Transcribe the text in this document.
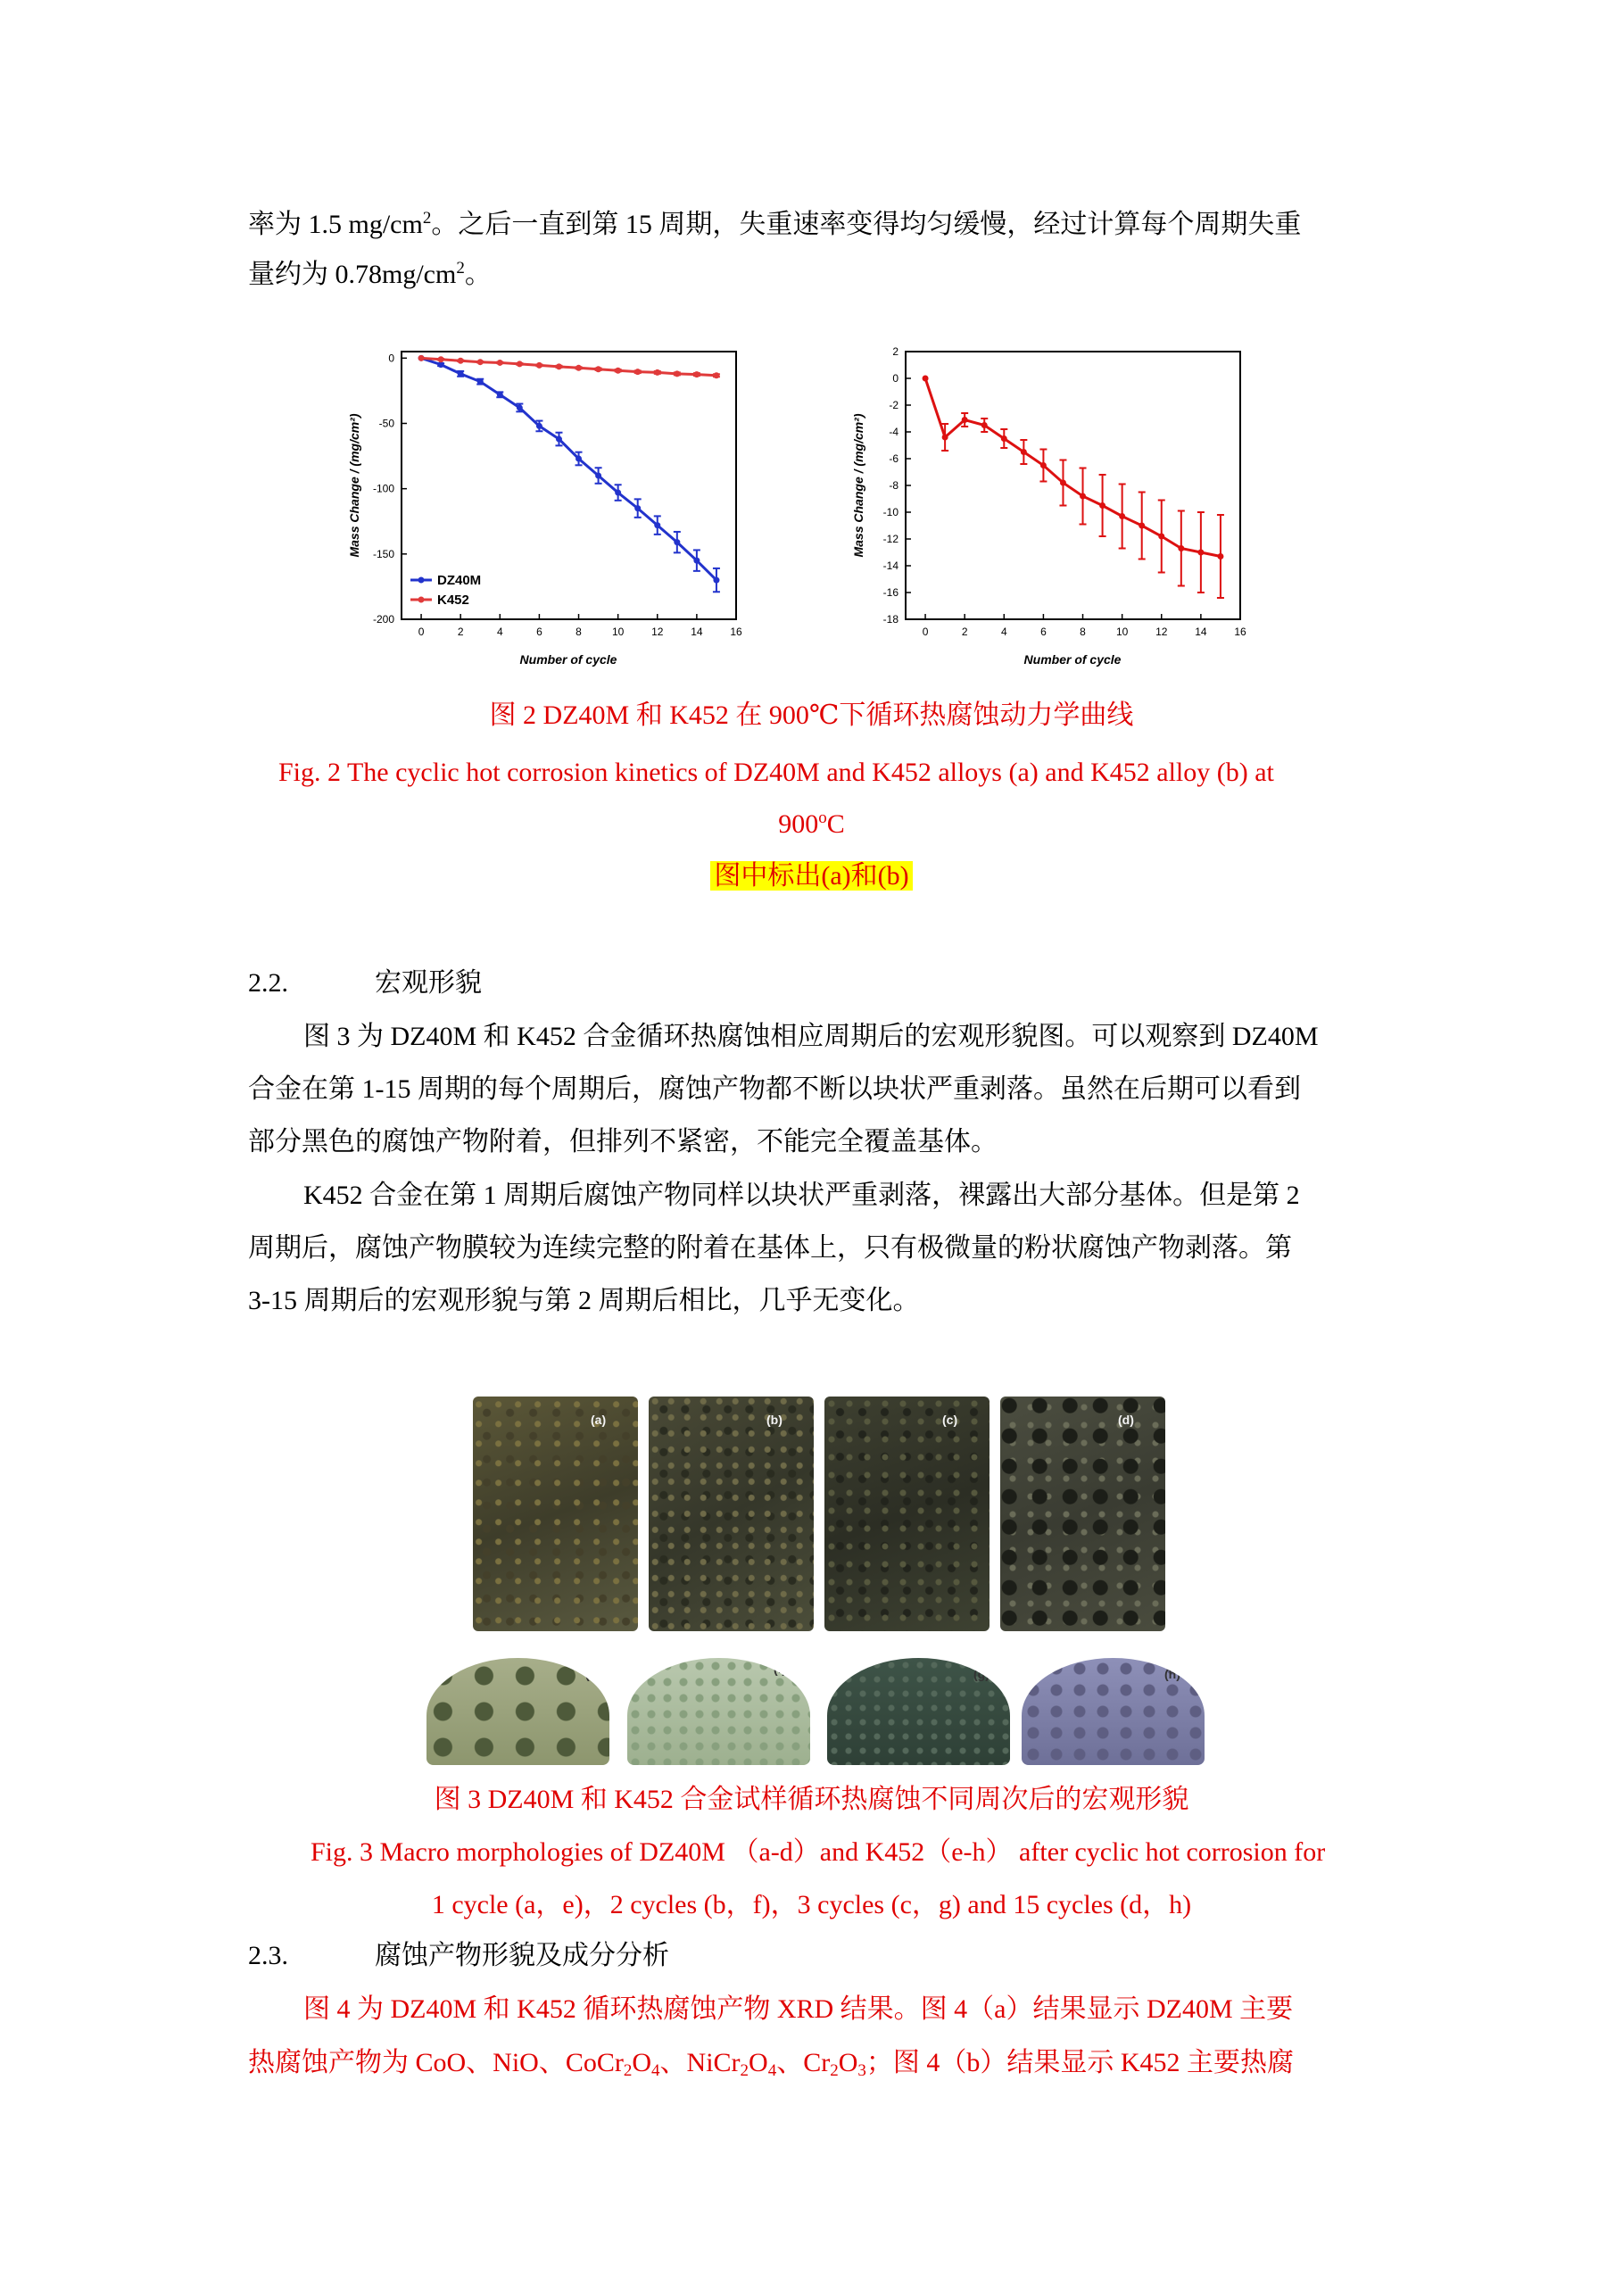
率为 1.5 $mg/cm^2$。之后一直到第 15 周期，失重速率变得均匀缓慢，经过计算每个周期失重
量约为 $0.78mg/cm^2$。
0
-50
-100
-150
-200
0	2	4	6	8	10	12	14	16
Number of cycle
Mass Change / (mg/cm²)
DZ40M
K452
2
0
-2
-4
-6
-8
-10
-12
-14
-16
-18
0	2	4	6	8	10	12	14	16
Number of cycle
Mass Change / (mg/cm²)
图 2 DZ40M 和 K452 在 900℃下循环热腐蚀动力学曲线
Fig. 2 The cyclic hot corrosion kinetics of DZ40M and K452 alloys (a) and K452 alloy (b) at
900$^o$C
图中标出(a)和(b)
2.2.	宏观形貌
图 3 为 DZ40M 和 K452 合金循环热腐蚀相应周期后的宏观形貌图。可以观察到 DZ40M
合金在第 1-15 周期的每个周期后，腐蚀产物都不断以块状严重剥落。虽然在后期可以看到
部分黑色的腐蚀产物附着，但排列不紧密，不能完全覆盖基体。
K452 合金在第 1 周期后腐蚀产物同样以块状严重剥落，裸露出大部分基体。但是第 2
周期后，腐蚀产物膜较为连续完整的附着在基体上，只有极微量的粉状腐蚀产物剥落。第
3-15 周期后的宏观形貌与第 2 周期后相比，几乎无变化。
(a)	(b)	(c)	(d)
(e)	(f)	(g)	(h)
图 3 DZ40M 和 K452 合金试样循环热腐蚀不同周次后的宏观形貌
Fig. 3 Macro morphologies of DZ40M （a-d）and K452（e-h） after cyclic hot corrosion for
1 cycle (a，e)，2 cycles (b，f)，3 cycles (c，g) and 15 cycles (d，h)
2.3.	腐蚀产物形貌及成分分析
图 4 为 DZ40M 和 K452 循环热腐蚀产物 XRD 结果。图 4（a）结果显示 DZ40M 主要
热腐蚀产物为 CoO、NiO、$CoCr_2O_4$、$NiCr_2O_4$、$Cr_2O_3$；图 4（b）结果显示 K452 主要热腐
